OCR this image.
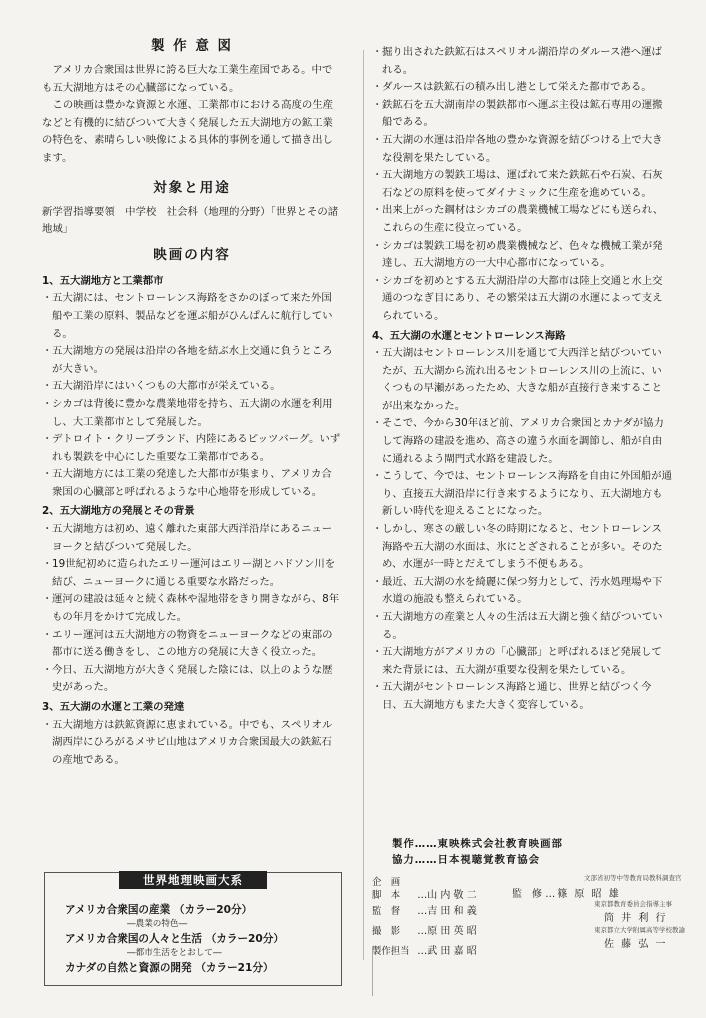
製 作 意 図

アメリカ合衆国は世界に誇る巨大な工業生産国である。中でも五大湖地方はその心臓部になっている。

この映画は豊かな資源と水運、工業都市における高度の生産などと有機的に結びついて大きく発展した五大湖地方の鉱工業の特色を、素晴らしい映像による具体的事例を通して描き出します。

対象と用途

新学習指導要領　中学校　社会科（地理的分野）「世界とその諸地域」

映画の内容

1、五大湖地方と工業都市

・ 五大湖には、セントローレンス海路をさかのぼって来た外国船や工業の原料、製品などを運ぶ船がひんぱんに航行している。

・ 五大湖地方の発展は沿岸の各地を結ぶ水上交通に負うところが大きい。

・ 五大湖沿岸にはいくつもの大都市が栄えている。

・ シカゴは背後に豊かな農業地帯を持ち、五大湖の水運を利用し、大工業都市として発展した。

・ デトロイト・クリーブランド、内陸にあるピッツバーグ。いずれも製鉄を中心にした重要な工業都市である。

・ 五大湖地方には工業の発達した大都市が集まり、アメリカ合衆国の心臓部と呼ばれるような中心地帯を形成している。

2、五大湖地方の発展とその背景

・ 五大湖地方は初め、遠く離れた東部大西洋沿岸にあるニューヨークと結びついて発展した。

・ 19世紀初めに造られたエリー運河はエリー湖とハドソン川を結び、ニューヨークに通じる重要な水路だった。

・ 運河の建設は延々と続く森林や湿地帯をきり開きながら、8年もの年月をかけて完成した。

・ エリー運河は五大湖地方の物資をニューヨークなどの東部の都市に送る働きをし、この地方の発展に大きく役立った。

・ 今日、五大湖地方が大きく発展した陰には、以上のような歴史があった。

3、五大湖の水運と工業の発達

・ 五大湖地方は鉄鉱資源に恵まれている。中でも、スペリオル湖西岸にひろがるメサビ山地はアメリカ合衆国最大の鉄鉱石の産地である。

世界地理映画大系
アメリカ合衆国の産業 （カラー20分）
―農業の特色―
アメリカ合衆国の人々と生活 （カラー20分）
―都市生活をとおして―
カナダの自然と資源の開発 （カラー21分）

・ 掘り出された鉄鉱石はスペリオル湖沿岸のダルース港へ運ばれる。

・ ダルースは鉄鉱石の積み出し港として栄えた都市である。

・ 鉄鉱石を五大湖南岸の製鉄都市へ運ぶ主役は鉱石専用の運搬船である。

・ 五大湖の水運は沿岸各地の豊かな資源を結びつける上で大きな役割を果たしている。

・ 五大湖地方の製鉄工場は、運ばれて来た鉄鉱石や石炭、石灰石などの原料を使ってダイナミックに生産を進めている。

・ 出来上がった鋼材はシカゴの農業機械工場などにも送られ、これらの生産に役立っている。

・ シカゴは製鉄工場を初め農業機械など、色々な機械工業が発達し、五大湖地方の一大中心都市になっている。

・ シカゴを初めとする五大湖沿岸の大都市は陸上交通と水上交通のつなぎ目にあり、その繁栄は五大湖の水運によって支えられている。

4、五大湖の水運とセントローレンス海路

・ 五大湖はセントローレンス川を通じて大西洋と結びついていたが、五大湖から流れ出るセントローレンス川の上流に、いくつもの早瀬があったため、大きな船が直接行き来することが出来なかった。

・ そこで、今から30年ほど前、アメリカ合衆国とカナダが協力して海路の建設を進め、高さの違う水面を調節し、船が自由に通れるよう閘門式水路を建設した。

・ こうして、今では、セントローレンス海路を自由に外国船が通り、直接五大湖沿岸に行き来するようになり、五大湖地方も新しい時代を迎えることになった。

・ しかし、寒さの厳しい冬の時期になると、セントローレンス海路や五大湖の水面は、氷にとざされることが多い。そのため、水運が一時とだえてしまう不便もある。

・ 最近、五大湖の水を綺麗に保つ努力として、汚水処理場や下水道の施設も整えられている。

・ 五大湖地方の産業と人々の生活は五大湖と強く結びついている。

・ 五大湖地方がアメリカの「心臓部」と呼ばれるほど発展して来た背景には、五大湖が重要な役割を果たしている。

・ 五大湖がセントローレンス海路と通じ、世界と結びつく今日、五大湖地方もまた大きく変容している。

製作……東映株式会社教育映画部
協力……日本視聴覚教育協会
企　画
脚　本 …山 内 敬 二
監　督 …吉 田 和 義
撮　影 …原 田 英 昭
製作担当 …武 田 嘉 昭
文部省初等中等教育局教科調査官
監　修 …篠 原 昭 雄
東京都教育委員会指導主事
筒 井 利 行
東京都立大学附属高等学校教諭
佐 藤 弘 一
